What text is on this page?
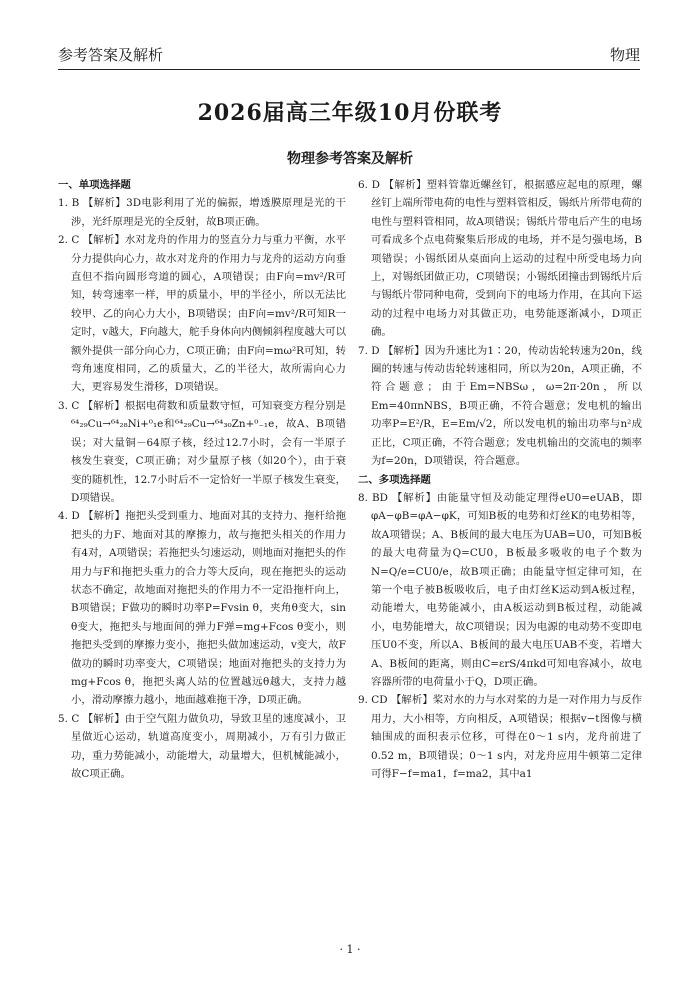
参考答案及解析	物理
2026届高三年级10月份联考
物理参考答案及解析

一、单项选择题

1. B 【解析】3D电影利用了光的偏振，增透膜原理是光的干涉，光纤原理是光的全反射，故B项正确。

2. C 【解析】水对龙舟的作用力的竖直分力与重力平衡，水平分力提供向心力，故水对龙舟的作用力与龙舟的运动方向垂直但不指向圆形弯道的圆心，A项错误；由F向=mv²/R可知，转弯速率一样，甲的质量小，甲的半径小，所以无法比较甲、乙的向心力大小，B项错误；由F向=mv²/R可知R一定时，v越大，F向越大，舵手身体向内侧倾斜程度越大可以额外提供一部分向心力，C项正确；由F向=mω²R可知，转弯角速度相同，乙的质量大，乙的半径大，故所需向心力大，更容易发生滑移，D项错误。

3. C 【解析】根据电荷数和质量数守恒，可知衰变方程分别是⁶⁴₂₉Cu→⁶⁴₂₈Ni+⁰₁e和⁶⁴₂₉Cu→⁶⁴₃₀Zn+⁰₋₁e，故A、B项错误；对大量铜－64原子核，经过12.7小时，会有一半原子核发生衰变，C项正确；对少量原子核（如20个），由于衰变的随机性，12.7小时后不一定恰好一半原子核发生衰变，D项错误。

4. D 【解析】拖把头受到重力、地面对其的支持力、拖杆给拖把头的力F、地面对其的摩擦力，故与拖把头相关的作用力有4对，A项错误；若拖把头匀速运动，则地面对拖把头的作用力与F和拖把头重力的合力等大反向，现在拖把头的运动状态不确定，故地面对拖把头的作用力不一定沿拖杆向上，B项错误；F做功的瞬时功率P=Fvsin θ，夹角θ变大，sin θ变大，拖把头与地面间的弹力F弹=mg+Fcos θ变小，则拖把头受到的摩擦力变小，拖把头做加速运动，v变大，故F做功的瞬时功率变大，C项错误；地面对拖把头的支持力为mg+Fcos θ，拖把头离人站的位置越远θ越大，支持力越小，滑动摩擦力越小，地面越难拖干净，D项正确。

5. C 【解析】由于空气阻力做负功，导致卫星的速度减小，卫星做近心运动，轨道高度变小，周期减小，万有引力做正功，重力势能减小，动能增大，动量增大，但机械能减小，故C项正确。

6. D 【解析】塑料管靠近螺丝钉，根据感应起电的原理，螺丝钉上端所带电荷的电性与塑料管相反，锡纸片所带电荷的电性与塑料管相同，故A项错误；锡纸片带电后产生的电场可看成多个点电荷聚集后形成的电场，并不是匀强电场，B项错误；小锡纸团从桌面向上运动的过程中所受电场力向上，对锡纸团做正功，C项错误；小锡纸团撞击到锡纸片后与锡纸片带同种电荷，受到向下的电场力作用，在其向下运动的过程中电场力对其做正功，电势能逐渐减小，D项正确。

7. D 【解析】因为升速比为1∶20，传动齿轮转速为20n，线圈的转速与传动齿轮转速相同，所以为20n，A项正确，不符合题意；由于Em=NBSω，ω=2π·20n，所以Em=40πnNBS，B项正确，不符合题意；发电机的输出功率P=E²/R，E=Em/√2，所以发电机的输出功率与n²成正比，C项正确，不符合题意；发电机输出的交流电的频率为f=20n，D项错误，符合题意。

二、多项选择题

8. BD 【解析】由能量守恒及动能定理得eU0=eUAB，即φA−φB=φA−φK，可知B板的电势和灯丝K的电势相等，故A项错误；A、B板间的最大电压为UAB=U0，可知B板的最大电荷量为Q=CU0，B板最多吸收的电子个数为N=Q/e=CU0/e，故B项正确；由能量守恒定律可知，在第一个电子被B板吸收后，电子由灯丝K运动到A板过程，动能增大，电势能减小，由A板运动到B板过程，动能减小，电势能增大，故C项错误；因为电源的电动势不变即电压U0不变，所以A、B板间的最大电压UAB不变，若增大A、B板间的距离，则由C=εrS/4πkd可知电容减小，故电容器所带的电荷量小于Q，D项正确。

9. CD 【解析】桨对水的力与水对桨的力是一对作用力与反作用力，大小相等，方向相反，A项错误；根据v−t图像与横轴围成的面积表示位移，可得在0～1 s内，龙舟前进了0.52 m，B项错误；0～1 s内，对龙舟应用牛顿第二定律可得F−f=ma1，f=ma2，其中a1

· 1 ·
